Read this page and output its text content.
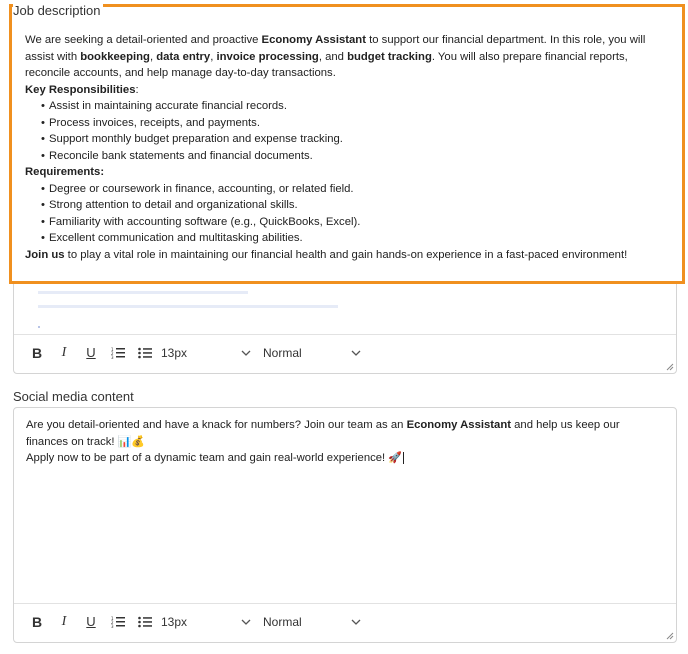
B	I	U	1
2
3	13px	Normal

We are seeking a detail-oriented and proactive Economy Assistant to support our financial department. In this role, you will assist with bookkeeping, data entry, invoice processing, and budget tracking. You will also prepare financial reports, reconcile accounts, and help manage day-to-day transactions.

Key Responsibilities:

• Assist in maintaining accurate financial records.

• Process invoices, receipts, and payments.

• Support monthly budget preparation and expense tracking.

• Reconcile bank statements and financial documents.

Requirements:

• Degree or coursework in finance, accounting, or related field.

• Strong attention to detail and organizational skills.

• Familiarity with accounting software (e.g., QuickBooks, Excel).

• Excellent communication and multitasking abilities.

Join us to play a vital role in maintaining our financial health and gain hands-on experience in a fast-paced environment!

Job description
Social media content

Are you detail-oriented and have a knack for numbers? Join our team as an Economy Assistant and help us keep our finances on track! 📊💰

Apply now to be part of a dynamic team and gain real-world experience! 🚀

B	I	U	1
2
3	13px	Normal
